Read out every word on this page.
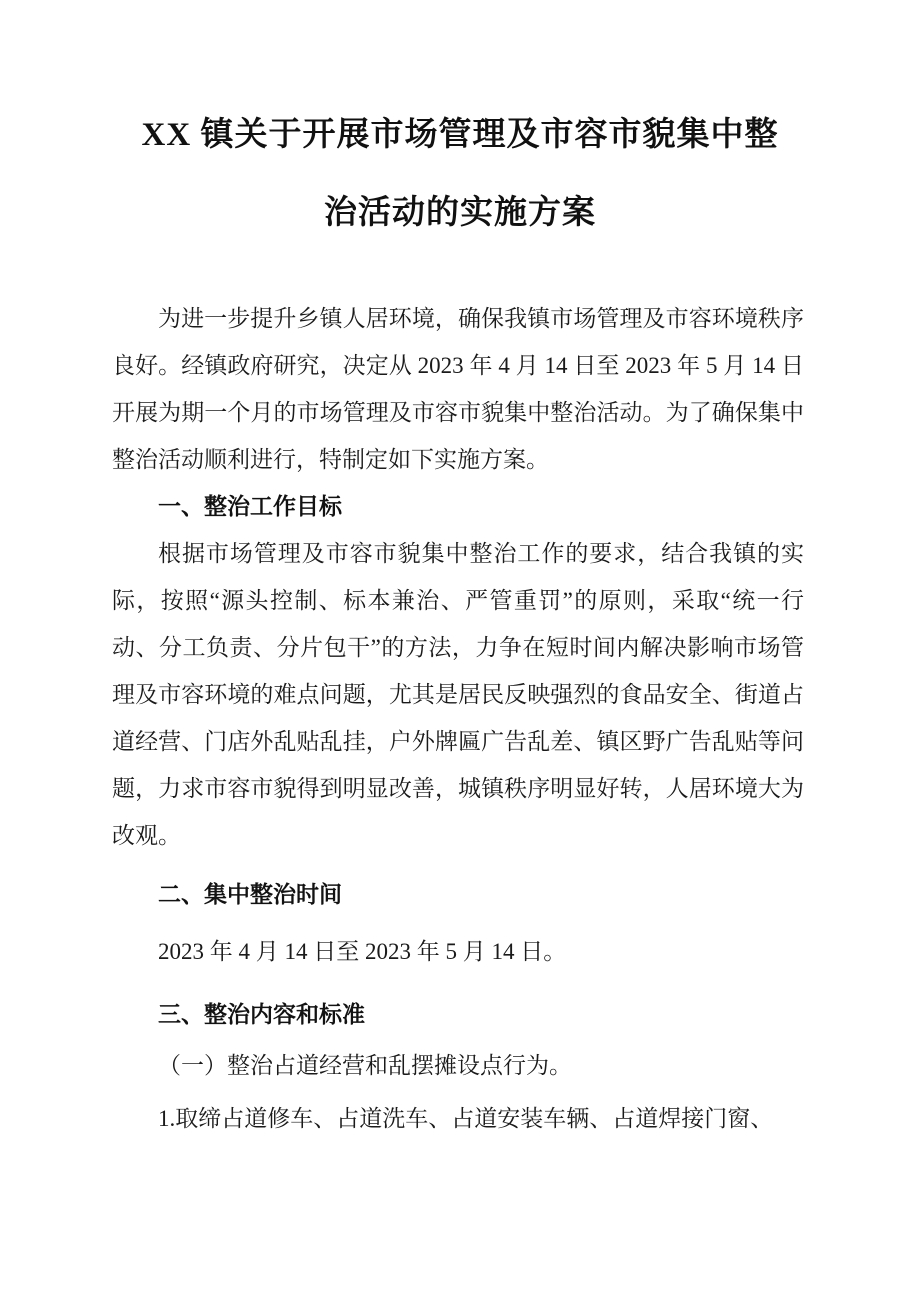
XX 镇关于开展市场管理及市容市貌集中整
治活动的实施方案

为进一步提升乡镇人居环境，确保我镇市场管理及市容环境秩序良好。经镇政府研究，决定从 2023 年 4 月 14 日至 2023 年 5 月 14 日开展为期一个月的市场管理及市容市貌集中整治活动。为了确保集中整治活动顺利进行，特制定如下实施方案。

一、整治工作目标

根据市场管理及市容市貌集中整治工作的要求，结合我镇的实际，按照“源头控制、标本兼治、严管重罚”的原则，采取“统一行动、分工负责、分片包干”的方法，力争在短时间内解决影响市场管理及市容环境的难点问题，尤其是居民反映强烈的食品安全、街道占道经营、门店外乱贴乱挂，户外牌匾广告乱差、镇区野广告乱贴等问题，力求市容市貌得到明显改善，城镇秩序明显好转，人居环境大为改观。

二、集中整治时间

2023 年 4 月 14 日至 2023 年 5 月 14 日。

三、整治内容和标准

（一）整治占道经营和乱摆摊设点行为。

1.取缔占道修车、占道洗车、占道安装车辆、占道焊接门窗、
